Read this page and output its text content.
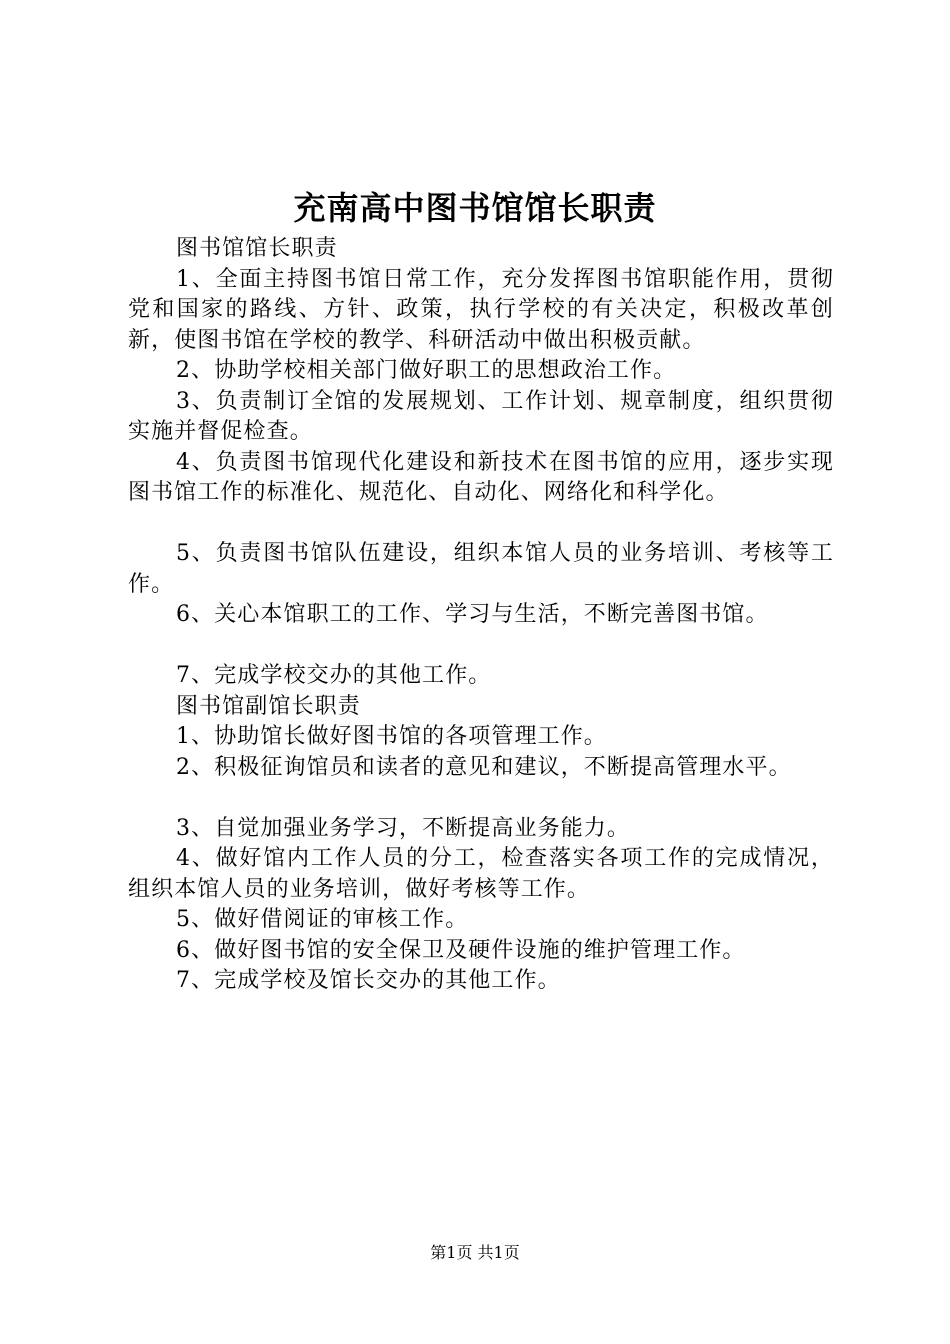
充南高中图书馆馆长职责

图书馆馆长职责

1、全面主持图书馆日常工作，充分发挥图书馆职能作用，贯彻党和国家的路线、方针、政策，执行学校的有关决定，积极改革创新，使图书馆在学校的教学、科研活动中做出积极贡献。

2、协助学校相关部门做好职工的思想政治工作。

3、负责制订全馆的发展规划、工作计划、规章制度，组织贯彻实施并督促检查。

4、负责图书馆现代化建设和新技术在图书馆的应用，逐步实现图书馆工作的标准化、规范化、自动化、网络化和科学化。

5、负责图书馆队伍建设，组织本馆人员的业务培训、考核等工作。

6、关心本馆职工的工作、学习与生活，不断完善图书馆。

7、完成学校交办的其他工作。

图书馆副馆长职责

1、协助馆长做好图书馆的各项管理工作。

2、积极征询馆员和读者的意见和建议，不断提高管理水平。

3、自觉加强业务学习，不断提高业务能力。

4、做好馆内工作人员的分工，检查落实各项工作的完成情况，组织本馆人员的业务培训，做好考核等工作。

5、做好借阅证的审核工作。

6、做好图书馆的安全保卫及硬件设施的维护管理工作。

7、完成学校及馆长交办的其他工作。

第1页 共1页
